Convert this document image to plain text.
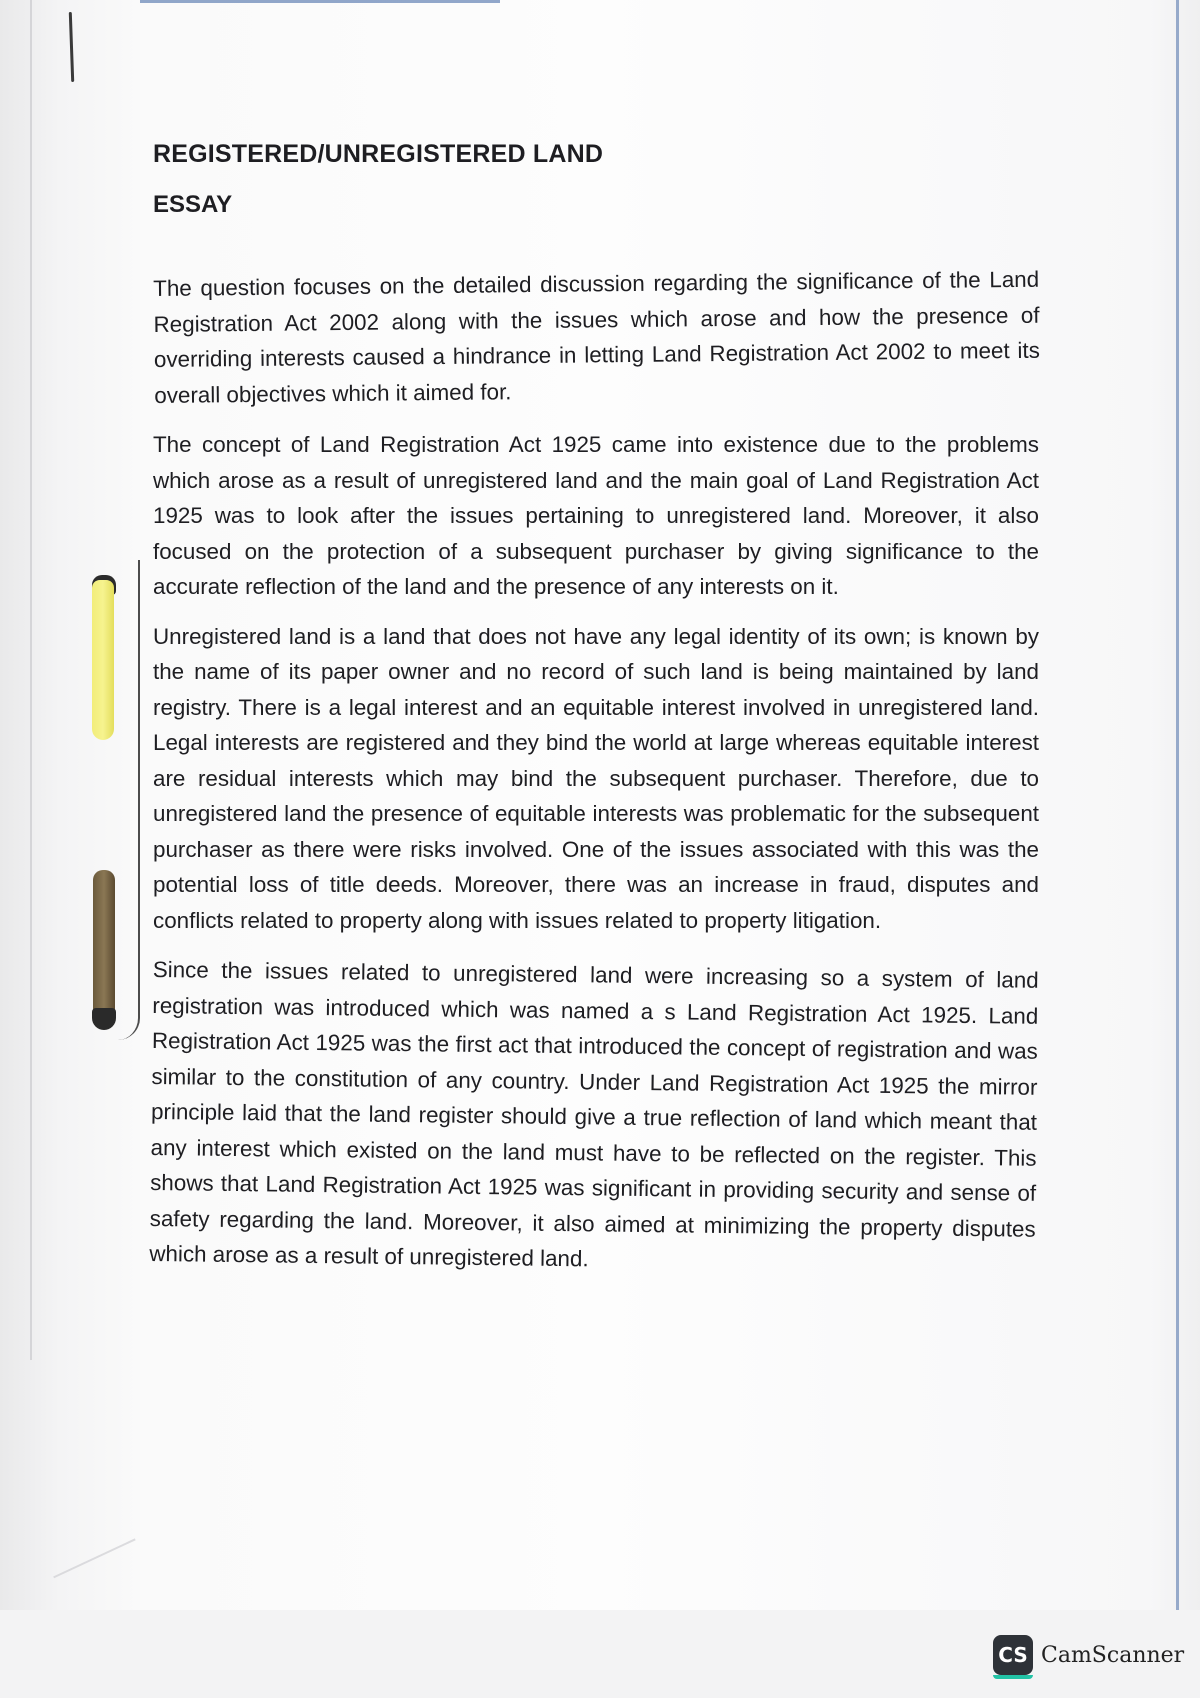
REGISTERED/UNREGISTERED LAND
ESSAY

The question focuses on the detailed discussion regarding the significance of the Land Registration Act 2002 along with the issues which arose and how the presence of overriding interests caused a hindrance in letting Land Registration Act 2002 to meet its overall objectives which it aimed for.

The concept of Land Registration Act 1925 came into existence due to the problems which arose as a result of unregistered land and the main goal of Land Registration Act 1925 was to look after the issues pertaining to unregistered land. Moreover, it also focused on the protection of a subsequent purchaser by giving significance to the accurate reflection of the land and the presence of any interests on it.

Unregistered land is a land that does not have any legal identity of its own; is known by the name of its paper owner and no record of such land is being maintained by land registry. There is a legal interest and an equitable interest involved in unregistered land. Legal interests are registered and they bind the world at large whereas equitable interest are residual interests which may bind the subsequent purchaser. Therefore, due to unregistered land the presence of equitable interests was problematic for the subsequent purchaser as there were risks involved. One of the issues associated with this was the potential loss of title deeds. Moreover, there was an increase in fraud, disputes and conflicts related to property along with issues related to property litigation.

Since the issues related to unregistered land were increasing so a system of land registration was introduced which was named a s Land Registration Act 1925. Land Registration Act 1925 was the first act that introduced the concept of registration and was similar to the constitution of any country. Under Land Registration Act 1925 the mirror principle laid that the land register should give a true reflection of land which meant that any interest which existed on the land must have to be reflected on the register. This shows that Land Registration Act 1925 was significant in providing security and sense of safety regarding the land. Moreover, it also aimed at minimizing the property disputes which arose as a result of unregistered land.

CS CamScanner
